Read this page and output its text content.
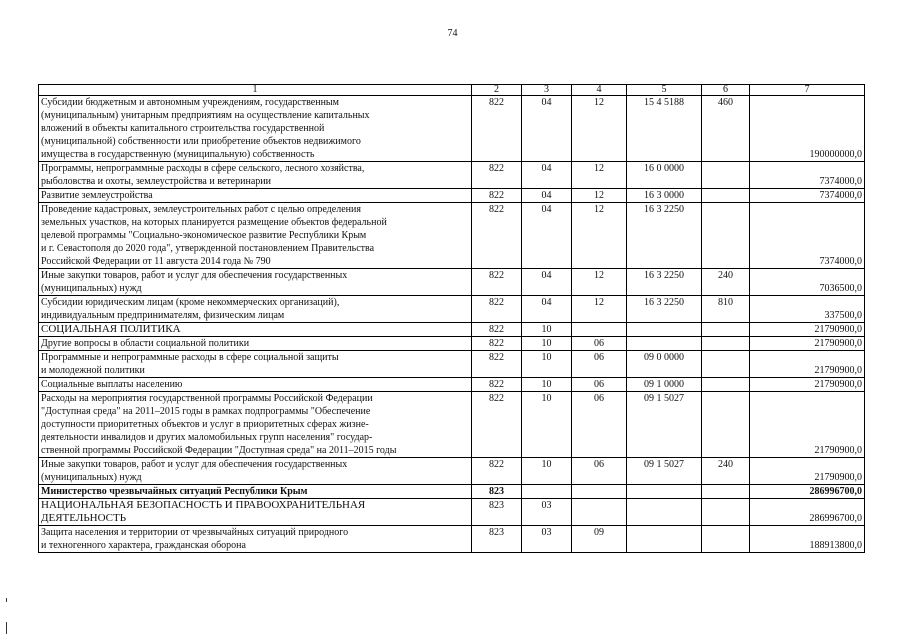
74
1	2	3	4	5	6	7
Субсидии бюджетным и автономным учреждениям, государственным
(муниципальным) унитарным предприятиям на осуществление капитальных
вложений в объекты капитального строительства государственной
(муниципальной) собственности или приобретение объектов недвижимого
имущества в государственную (муниципальную) собственность	822	04	12	15 4 5188	460	190000000,0
Программы, непрограммные расходы в сфере сельского, лесного хозяйства,
рыболовства и охоты, землеустройства и ветеринарии	822	04	12	16 0 0000		7374000,0
Развитие землеустройства	822	04	12	16 3 0000		7374000,0
Проведение кадастровых, землеустроительных работ с целью определения
земельных участков, на которых планируется размещение объектов федеральной
целевой программы "Социально-экономическое развитие Республики Крым
и г. Севастополя до 2020 года", утвержденной постановлением Правительства
Российской Федерации от 11 августа 2014 года № 790	822	04	12	16 3 2250		7374000,0
Иные закупки товаров, работ и услуг для обеспечения государственных
(муниципальных) нужд	822	04	12	16 3 2250	240	7036500,0
Субсидии юридическим лицам (кроме некоммерческих организаций),
индивидуальным предпринимателям, физическим лицам	822	04	12	16 3 2250	810	337500,0
СОЦИАЛЬНАЯ ПОЛИТИКА	822	10				21790900,0
Другие вопросы в области социальной политики	822	10	06			21790900,0
Программные и непрограммные расходы в сфере социальной защиты
и молодежной политики	822	10	06	09 0 0000		21790900,0
Социальные выплаты населению	822	10	06	09 1 0000		21790900,0
Расходы на мероприятия государственной программы Российской Федерации
"Доступная среда" на 2011–2015 годы в рамках подпрограммы "Обеспечение
доступности приоритетных объектов и услуг в приоритетных сферах жизне-
деятельности инвалидов и других маломобильных групп населения" государ-
ственной программы Российской Федерации "Доступная среда" на 2011–2015 годы	822	10	06	09 1 5027		21790900,0
Иные закупки товаров, работ и услуг для обеспечения государственных
(муниципальных) нужд	822	10	06	09 1 5027	240	21790900,0
Министерство чрезвычайных ситуаций Республики Крым	823					286996700,0
НАЦИОНАЛЬНАЯ БЕЗОПАСНОСТЬ И ПРАВООХРАНИТЕЛЬНАЯ
ДЕЯТЕЛЬНОСТЬ	823	03				286996700,0
Защита населения и территории от чрезвычайных ситуаций природного
и техногенного характера, гражданская оборона	823	03	09			188913800,0
